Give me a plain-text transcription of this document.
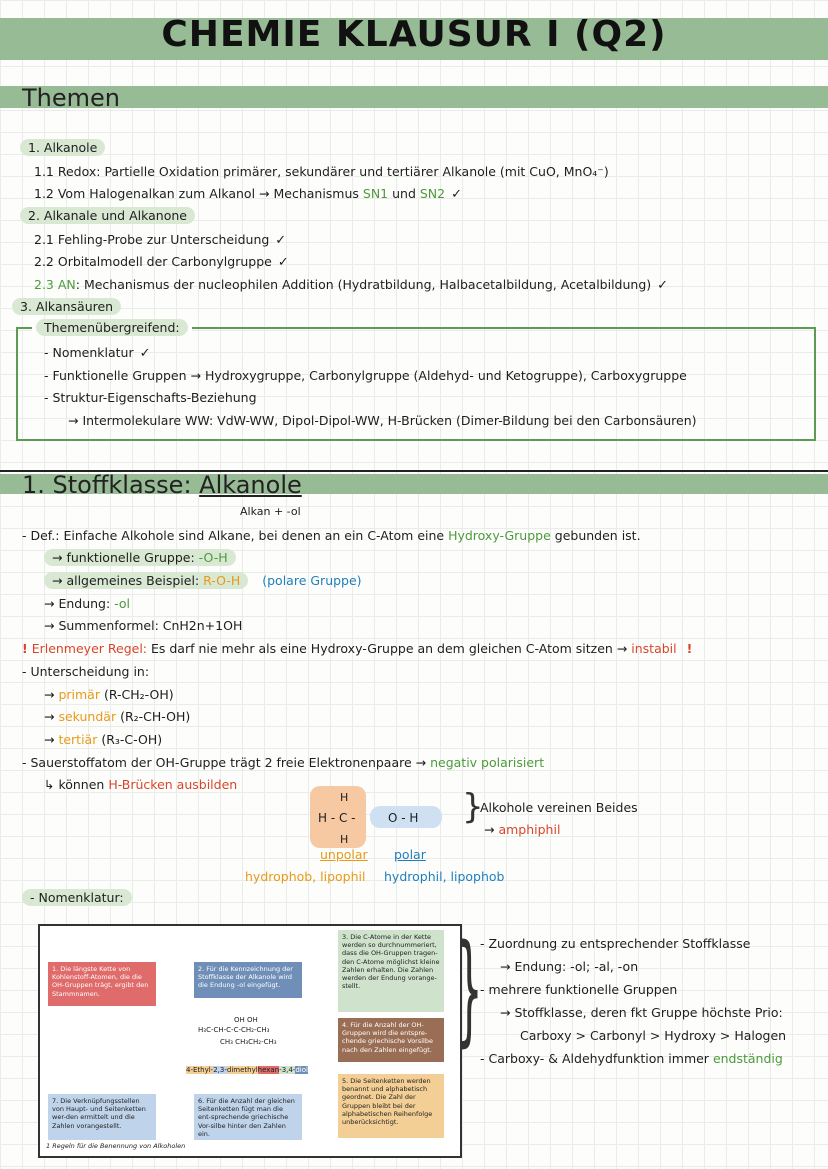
CHEMIE KLAUSUR I (Q2)
Themen
1. Alkanole
1.1 Redox: Partielle Oxidation primärer, sekundärer und tertiärer Alkanole (mit CuO, MnO₄⁻)
1.2 Vom Halogenalkan zum Alkanol → Mechanismus SN1 und SN2 ✓
2. Alkanale und Alkanone
2.1 Fehling-Probe zur Unterscheidung ✓
2.2 Orbitalmodell der Carbonylgruppe ✓
2.3 AN: Mechanismus der nucleophilen Addition (Hydratbildung, Halbacetalbildung, Acetalbildung) ✓
3. Alkansäuren
Themenübergreifend:
- Nomenklatur ✓
- Funktionelle Gruppen → Hydroxygruppe, Carbonylgruppe (Aldehyd- und Ketogruppe), Carboxygruppe
- Struktur-Eigenschafts-Beziehung
→ Intermolekulare WW: VdW-WW, Dipol-Dipol-WW, H-Brücken (Dimer-Bildung bei den Carbonsäuren)
1. Stoffklasse: Alkanole
Alkan + -ol
- Def.: Einfache Alkohole sind Alkane, bei denen an ein C-Atom eine Hydroxy-Gruppe gebunden ist.
→ funktionelle Gruppe: -O-H
→ allgemeines Beispiel: R-O-H (polare Gruppe)
→ Endung: -ol
→ Summenformel: CnH2n+1OH
! Erlenmeyer Regel: Es darf nie mehr als eine Hydroxy-Gruppe an dem gleichen C-Atom sitzen → instabil !
- Unterscheidung in:
→ primär (R-CH₂-OH)
→ sekundär (R₂-CH-OH)
→ tertiär (R₃-C-OH)
- Sauerstoffatom der OH-Gruppe trägt 2 freie Elektronenpaare → negativ polarisiert
↳ können H-Brücken ausbilden
H
H - C -	O - H
H
}
Alkohole vereinen Beides
→ amphiphil
unpolar polar
hydrophob, lipophil hydrophil, lipophob
- Nomenklatur:
1. Die längste Kette von Kohlenstoff-Atomen, die die OH-Gruppen trägt, ergibt den Stammnamen.
2. Für die Kennzeichnung der Stoffklasse der Alkanole wird die Endung -ol eingefügt.
3. Die C-Atome in der Kette werden so durchnummeriert, dass die OH-Gruppen tragen-den C-Atome möglichst kleine Zahlen erhalten. Die Zahlen werden der Endung vorange-stellt.
4. Für die Anzahl der OH-Gruppen wird die entspre-chende griechische Vorsilbe nach den Zahlen eingefügt.
5. Die Seitenketten werden benannt und alphabetisch geordnet. Die Zahl der Gruppen bleibt bei der alphabetischen Reihenfolge unberücksichtigt.
6. Für die Anzahl der gleichen Seitenketten fügt man die ent-sprechende griechische Vor-silbe hinter den Zahlen ein.
7. Die Verknüpfungsstellen von Haupt- und Seitenketten wer-den ermittelt und die Zahlen vorangestellt.
OH OH
H₃C-CH-C-C-CH₂-CH₃
CH₃ CH₃CH₂-CH₃
4-Ethyl-2,3-dimethylhexan-3,4-diol
1 Regeln für die Benennung von Alkoholen
}
- Zuordnung zu entsprechender Stoffklasse
→ Endung: -ol; -al, -on
- mehrere funktionelle Gruppen
→ Stoffklasse, deren fkt Gruppe höchste Prio:
Carboxy > Carbonyl > Hydroxy > Halogen
- Carboxy- & Aldehydfunktion immer endständig
